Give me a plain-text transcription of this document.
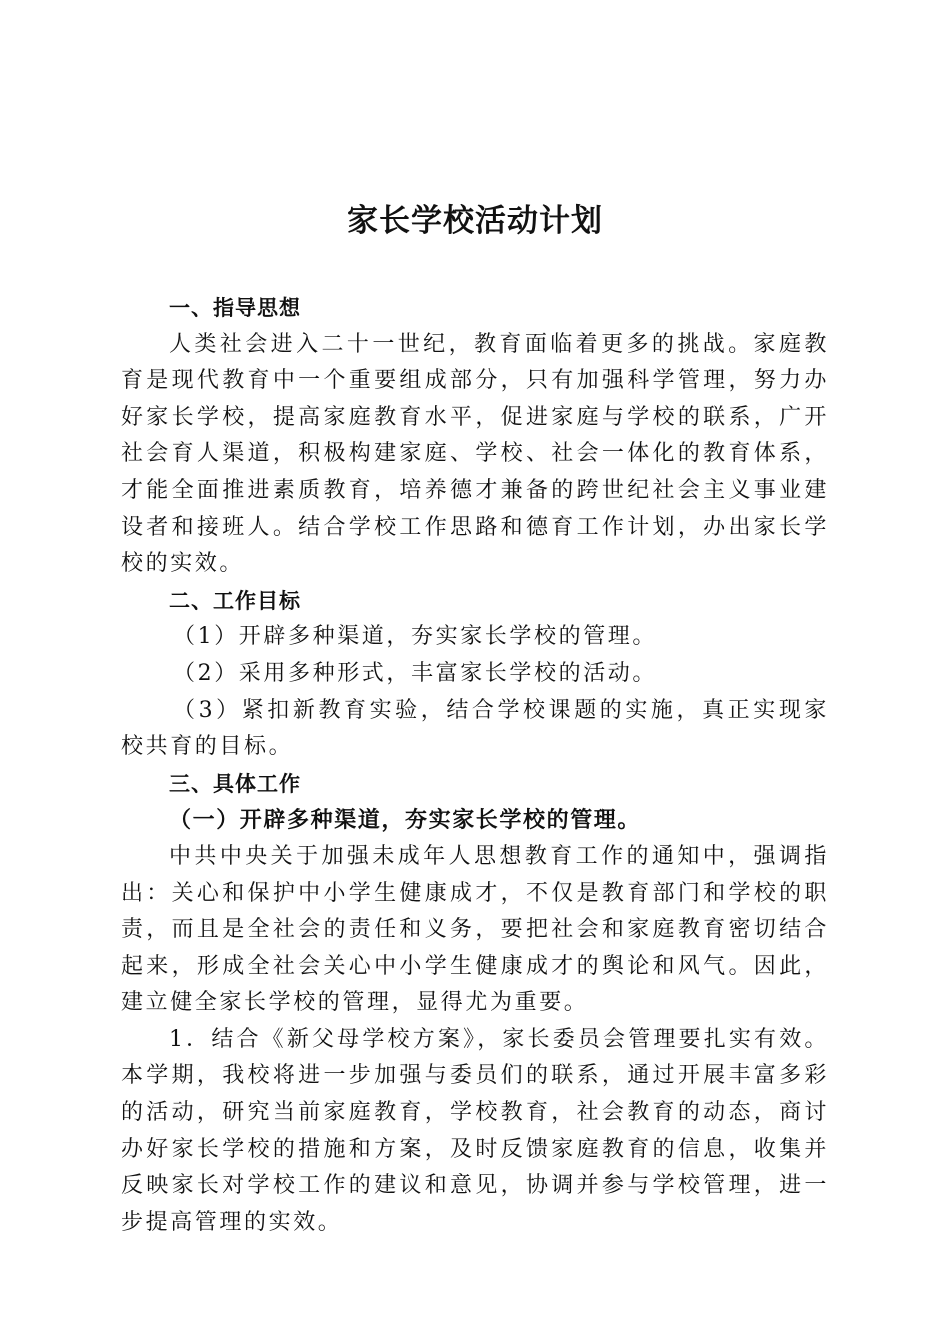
家长学校活动计划

一、指导思想

人类社会进入二十一世纪，教育面临着更多的挑战。家庭教育是现代教育中一个重要组成部分，只有加强科学管理，努力办好家长学校，提高家庭教育水平，促进家庭与学校的联系，广开社会育人渠道，积极构建家庭、学校、社会一体化的教育体系，才能全面推进素质教育，培养德才兼备的跨世纪社会主义事业建设者和接班人。结合学校工作思路和德育工作计划，办出家长学校的实效。

二、工作目标

（1）开辟多种渠道，夯实家长学校的管理。

（2）采用多种形式，丰富家长学校的活动。

（3）紧扣新教育实验，结合学校课题的实施，真正实现家校共育的目标。

三、具体工作

（一）开辟多种渠道，夯实家长学校的管理。

中共中央关于加强未成年人思想教育工作的通知中，强调指出：关心和保护中小学生健康成才，不仅是教育部门和学校的职责，而且是全社会的责任和义务，要把社会和家庭教育密切结合起来，形成全社会关心中小学生健康成才的舆论和风气。因此，建立健全家长学校的管理，显得尤为重要。

1．结合《新父母学校方案》，家长委员会管理要扎实有效。本学期，我校将进一步加强与委员们的联系，通过开展丰富多彩的活动，研究当前家庭教育，学校教育，社会教育的动态，商讨办好家长学校的措施和方案，及时反馈家庭教育的信息，收集并反映家长对学校工作的建议和意见，协调并参与学校管理，进一步提高管理的实效。
